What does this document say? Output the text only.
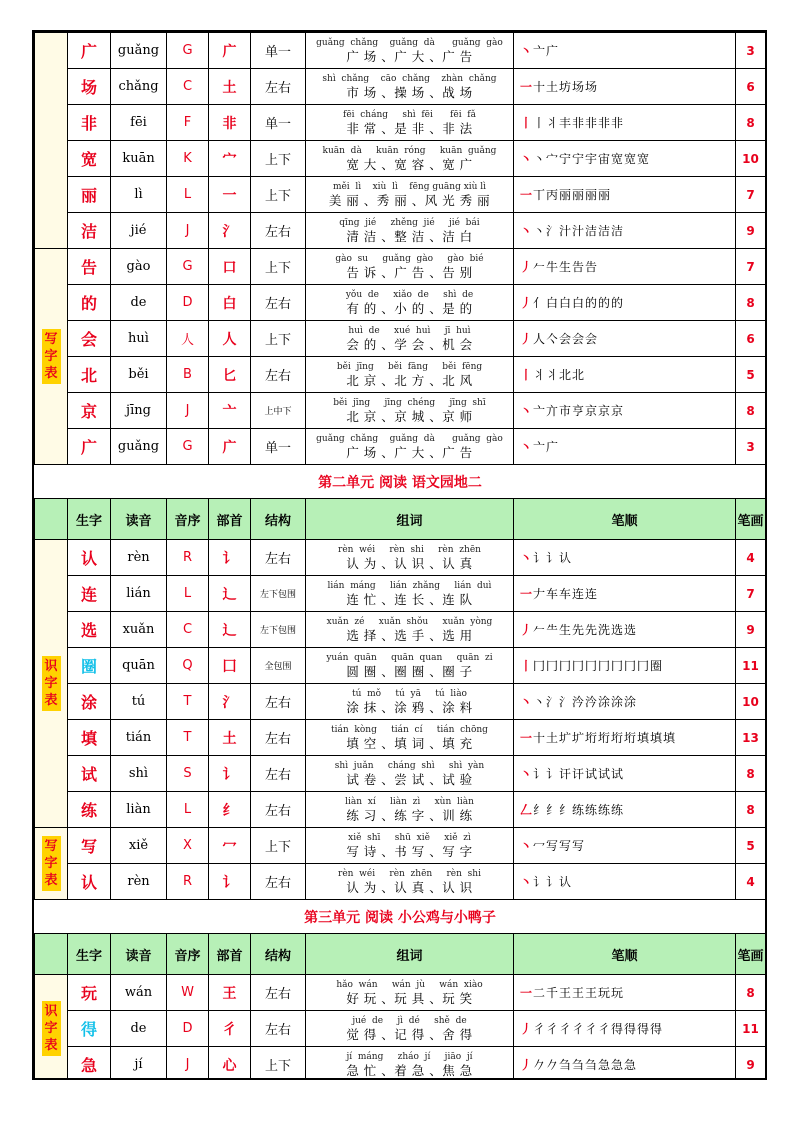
	广	guǎng	G	广	单一	guǎng  chǎng    guǎng  dà      guǎng  gào
广 场 、广 大 、广 告	丶亠广	3
	场	chǎng	C	土	左右	shì  chǎng    cāo  chǎng    zhàn  chǎng
市 场 、操 场 、战 场	一十土坊场场	6
	非	fēi	F	非	单一	fēi  cháng     shì  fēi      fēi  fǎ
非 常 、是 非 、非 法	丨丨丬丰非非非非	8
	宽	kuān	K	宀	上下	kuān  dà     kuān  róng     kuān  guǎng
宽 大 、宽 容 、宽 广	丶丶宀宁宁宇宙宽宽宽	10
	丽	lì	L	一	上下	měi  lì    xiù  lì    fēng guāng xiù lì
美 丽 、秀 丽 、风 光 秀 丽	一丅丙丽丽丽丽	7
	洁	jié	J	氵	左右	qīng  jié     zhěng  jié     jié  bái
清 洁 、整 洁 、洁 白	丶丶氵汁汁洁洁洁	9
写字表	告	gào	G	口	上下	gào  su     guǎng  gào     gào  bié
告 诉 、广 告 、告 别	丿𠂉牛生告告	7
	的	de	D	白	左右	yǒu  de     xiǎo  de     shì  de
有 的 、小 的 、是 的	丿亻白白白的的的	8
	会	huì	人	人	上下	huì  de     xué  huì     jī  huì
会 的 、学 会 、机 会	丿人亽会会会	6
	北	běi	B	匕	左右	běi  jīng     běi  fāng     běi  fēng
北 京 、北 方 、北 风	丨丬丬北北	5
	京	jīng	J	亠	上中下	běi  jīng     jīng  chéng     jīng  shī
北 京 、京 城 、京 师	丶亠亣市亨京京京	8
	广	guǎng	G	广	单一	guǎng  chǎng    guǎng  dà      guǎng  gào
广 场 、广 大 、广 告	丶亠广	3
第二单元 阅读 语文园地二								
	生字	读音	音序	部首	结构	组词	笔顺	笔画
识字表	认	rèn	R	讠	左右	rèn  wéi     rèn  shi     rèn  zhēn
认 为 、认 识 、认 真	丶讠讠认	4
	连	lián	L	辶	左下包围	lián  máng     lián  zhǎng     lián  duì
连 忙 、连 长 、连 队	一𠂇车车连连	7
	选	xuǎn	C	辶	左下包围	xuǎn  zé     xuǎn  shǒu     xuǎn  yòng
选 择 、选 手 、选 用	丿𠂉⺧生先先洗选选	9
	圈	quān	Q	囗	全包围	yuán  quān     quān  quan     quān  zi
圆 圈 、圈 圈 、圈 子	丨冂冂冂冂冂冂冂冂冂圈	11
	涂	tú	T	氵	左右	tú  mǒ     tú  yā     tú  liào
涂 抹 、涂 鸦 、涂 料	丶丶氵氵汵汵涂涂涂	10
	填	tián	T	土	左右	tián  kòng     tián  cí     tián  chōng
填 空 、填 词 、填 充	一十土圹圹垳垳垳垳填填填	13
	试	shì	S	讠	左右	shì  juǎn     cháng  shì     shì  yàn
试 卷 、尝 试 、试 验	丶讠讠讦讦试试试	8
	练	liàn	L	纟	左右	liàn  xí     liàn  zì     xùn  liàn
练 习 、练 字 、训 练	𠃋纟纟纟练练练练	8
写字表	写	xiě	X	冖	上下	xiě  shī     shū  xiě     xiě  zì
写 诗 、书 写 、写 字	丶冖写写写	5
	认	rèn	R	讠	左右	rèn  wéi     rèn  zhēn     rèn  shi
认 为 、认 真 、认 识	丶讠讠认	4
第三单元 阅读 小公鸡与小鸭子								
	生字	读音	音序	部首	结构	组词	笔顺	笔画
识字表	玩	wán	W	王	左右	hǎo  wán     wán  jù     wán  xiào
好 玩 、玩 具 、玩 笑	一二千王王王玩玩	8
	得	de	D	彳	左右	jué  de     jì  dé     shě  de
觉 得 、记 得 、舍 得	丿彳彳彳彳彳彳得得得得	11
	急	jí	J	心	上下	jí  máng     zháo  jí     jiāo  jí
急 忙 、着 急 、焦 急	丿𠂊𠂊刍刍刍急急急	9
